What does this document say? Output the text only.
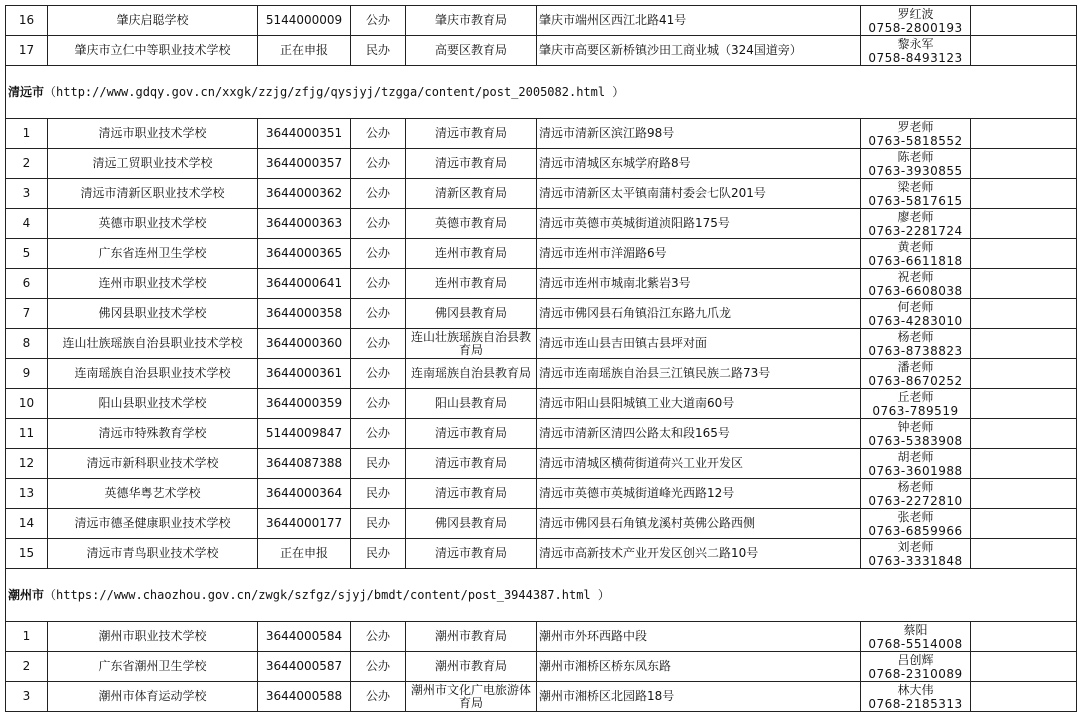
16	肇庆启聪学校	5144000009	公办	肇庆市教育局	肇庆市端州区西江北路41号	罗红波
0758-2800193	

17	肇庆市立仁中等职业技术学校	正在申报	民办	高要区教育局	肇庆市高要区新桥镇沙田工商业城（324国道旁）	黎永军
0758-8493123	

清远市（http://www.gdqy.gov.cn/xxgk/zzjg/zfjg/qysjyj/tzgga/content/post_2005082.html ）							
1	清远市职业技术学校	3644000351	公办	清远市教育局	清远市清新区滨江路98号	罗老师
0763-5818552	

2	清远工贸职业技术学校	3644000357	公办	清远市教育局	清远市清城区东城学府路8号	陈老师
0763-3930855	

3	清远市清新区职业技术学校	3644000362	公办	清新区教育局	清远市清新区太平镇南蒲村委会七队201号	梁老师
0763-5817615	

4	英德市职业技术学校	3644000363	公办	英德市教育局	清远市英德市英城街道浈阳路175号	廖老师
0763-2281724	

5	广东省连州卫生学校	3644000365	公办	连州市教育局	清远市连州市洋湄路6号	黄老师
0763-6611818	

6	连州市职业技术学校	3644000641	公办	连州市教育局	清远市连州市城南北紫岩3号	祝老师
0763-6608038	

7	佛冈县职业技术学校	3644000358	公办	佛冈县教育局	清远市佛冈县石角镇沿江东路九爪龙	何老师
0763-4283010	

8	连山壮族瑶族自治县职业技术学校	3644000360	公办	连山壮族瑶族自治县教育局	清远市连山县吉田镇古县坪对面	杨老师
0763-8738823	

9	连南瑶族自治县职业技术学校	3644000361	公办	连南瑶族自治县教育局	清远市连南瑶族自治县三江镇民族二路73号	潘老师
0763-8670252	

10	阳山县职业技术学校	3644000359	公办	阳山县教育局	清远市阳山县阳城镇工业大道南60号	丘老师
0763-789519	

11	清远市特殊教育学校	5144009847	公办	清远市教育局	清远市清新区清四公路太和段165号	钟老师
0763-5383908	

12	清远市新科职业技术学校	3644087388	民办	清远市教育局	清远市清城区横荷街道荷兴工业开发区	胡老师
0763-3601988	

13	英德华粤艺术学校	3644000364	民办	清远市教育局	清远市英德市英城街道峰光西路12号	杨老师
0763-2272810	

14	清远市德圣健康职业技术学校	3644000177	民办	佛冈县教育局	清远市佛冈县石角镇龙溪村英佛公路西侧	张老师
0763-6859966	

15	清远市青鸟职业技术学校	正在申报	民办	清远市教育局	清远市高新技术产业开发区创兴二路10号	刘老师
0763-3331848	

潮州市（https://www.chaozhou.gov.cn/zwgk/szfgz/sjyj/bmdt/content/post_3944387.html ）							
1	潮州市职业技术学校	3644000584	公办	潮州市教育局	潮州市外环西路中段	蔡阳
0768-5514008	

2	广东省潮州卫生学校	3644000587	公办	潮州市教育局	潮州市湘桥区桥东凤东路	吕创辉
0768-2310089	

3	潮州市体育运动学校	3644000588	公办	潮州市文化广电旅游体育局	潮州市湘桥区北园路18号	林大伟
0768-2185313	
